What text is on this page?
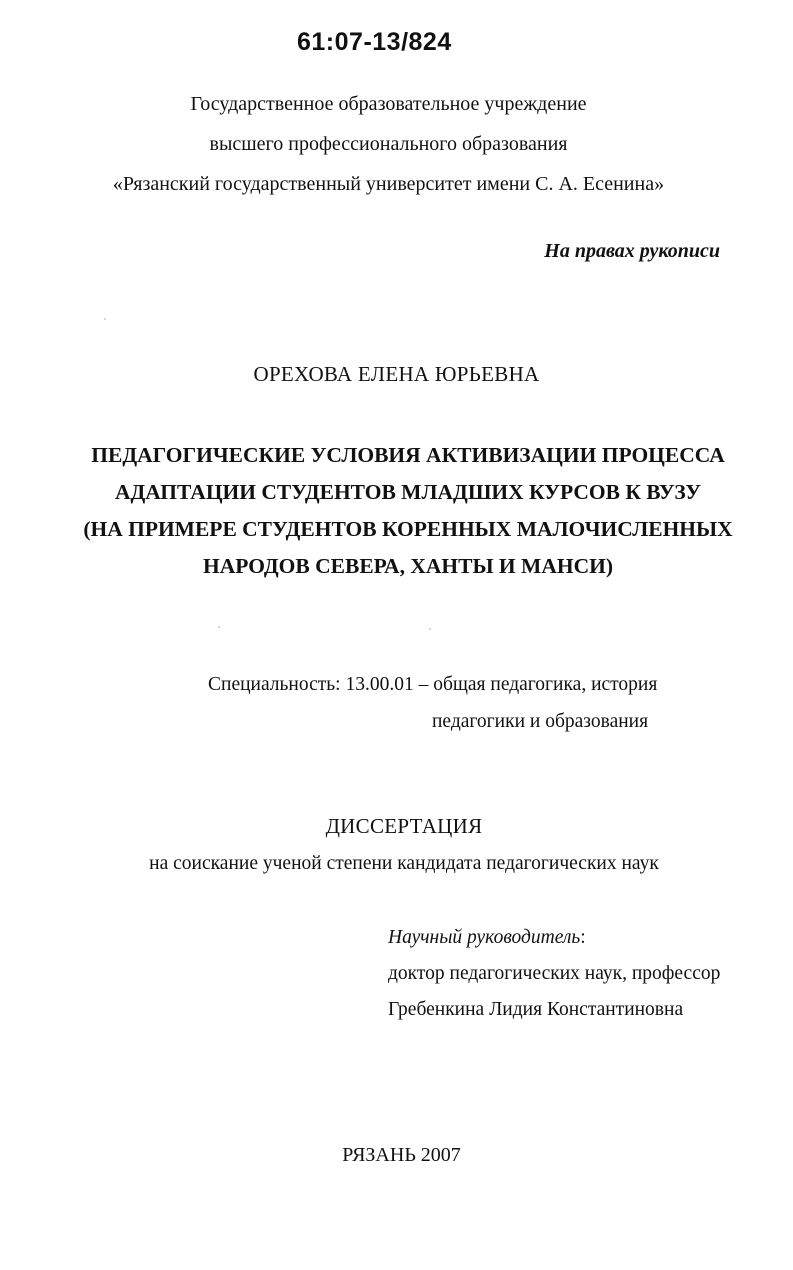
61:07-13/824
Государственное образовательное учреждение
высшего профессионального образования
«Рязанский государственный университет имени С. А. Есенина»
На правах рукописи
ОРЕХОВА ЕЛЕНА ЮРЬЕВНА
ПЕДАГОГИЧЕСКИЕ УСЛОВИЯ АКТИВИЗАЦИИ ПРОЦЕССА
АДАПТАЦИИ СТУДЕНТОВ МЛАДШИХ КУРСОВ К ВУЗУ
(НА ПРИМЕРЕ СТУДЕНТОВ КОРЕННЫХ МАЛОЧИСЛЕННЫХ
НАРОДОВ СЕВЕРА, ХАНТЫ И МАНСИ)
Специальность: 13.00.01 – общая педагогика, история
педагогики и образования
ДИССЕРТАЦИЯ
на соискание ученой степени кандидата педагогических наук
Научный руководитель:
доктор педагогических наук, профессор
Гребенкина Лидия Константиновна
РЯЗАНЬ 2007
